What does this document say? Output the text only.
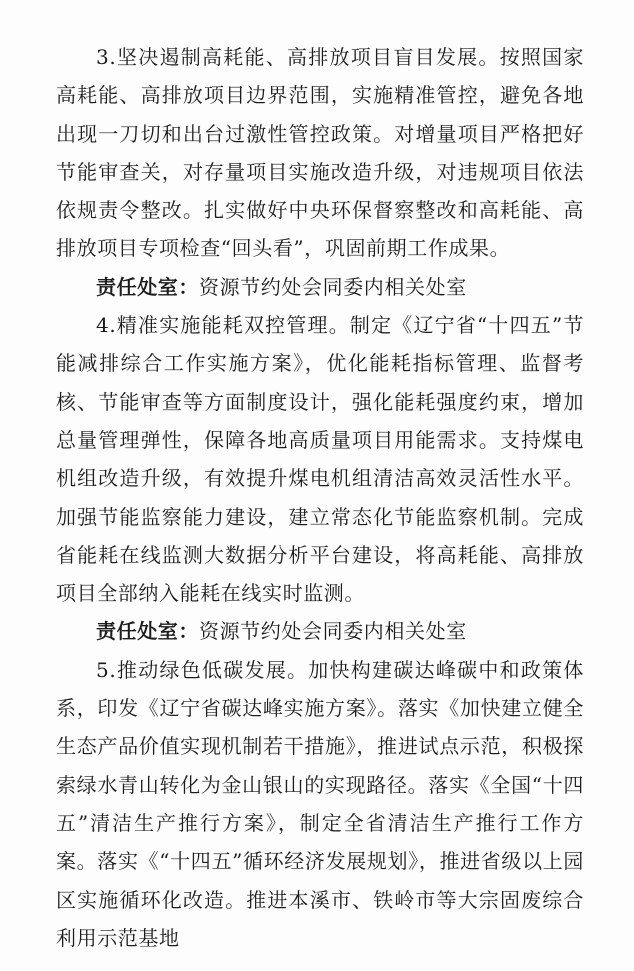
3.坚决遏制高耗能、高排放项目盲目发展。按照国家高耗能、高排放项目边界范围，实施精准管控，避免各地出现一刀切和出台过激性管控政策。对增量项目严格把好节能审查关，对存量项目实施改造升级，对违规项目依法依规责令整改。扎实做好中央环保督察整改和高耗能、高排放项目专项检查“回头看”，巩固前期工作成果。

责任处室：资源节约处会同委内相关处室

4.精准实施能耗双控管理。制定《辽宁省“十四五”节能减排综合工作实施方案》，优化能耗指标管理、监督考核、节能审查等方面制度设计，强化能耗强度约束，增加总量管理弹性，保障各地高质量项目用能需求。支持煤电机组改造升级，有效提升煤电机组清洁高效灵活性水平。加强节能监察能力建设，建立常态化节能监察机制。完成省能耗在线监测大数据分析平台建设，将高耗能、高排放项目全部纳入能耗在线实时监测。

责任处室：资源节约处会同委内相关处室

5.推动绿色低碳发展。加快构建碳达峰碳中和政策体系，印发《辽宁省碳达峰实施方案》。落实《加快建立健全生态产品价值实现机制若干措施》，推进试点示范，积极探索绿水青山转化为金山银山的实现路径。落实《全国“十四五”清洁生产推行方案》，制定全省清洁生产推行工作方案。落实《“十四五”循环经济发展规划》，推进省级以上园区实施循环化改造。推进本溪市、铁岭市等大宗固废综合利用示范基地
